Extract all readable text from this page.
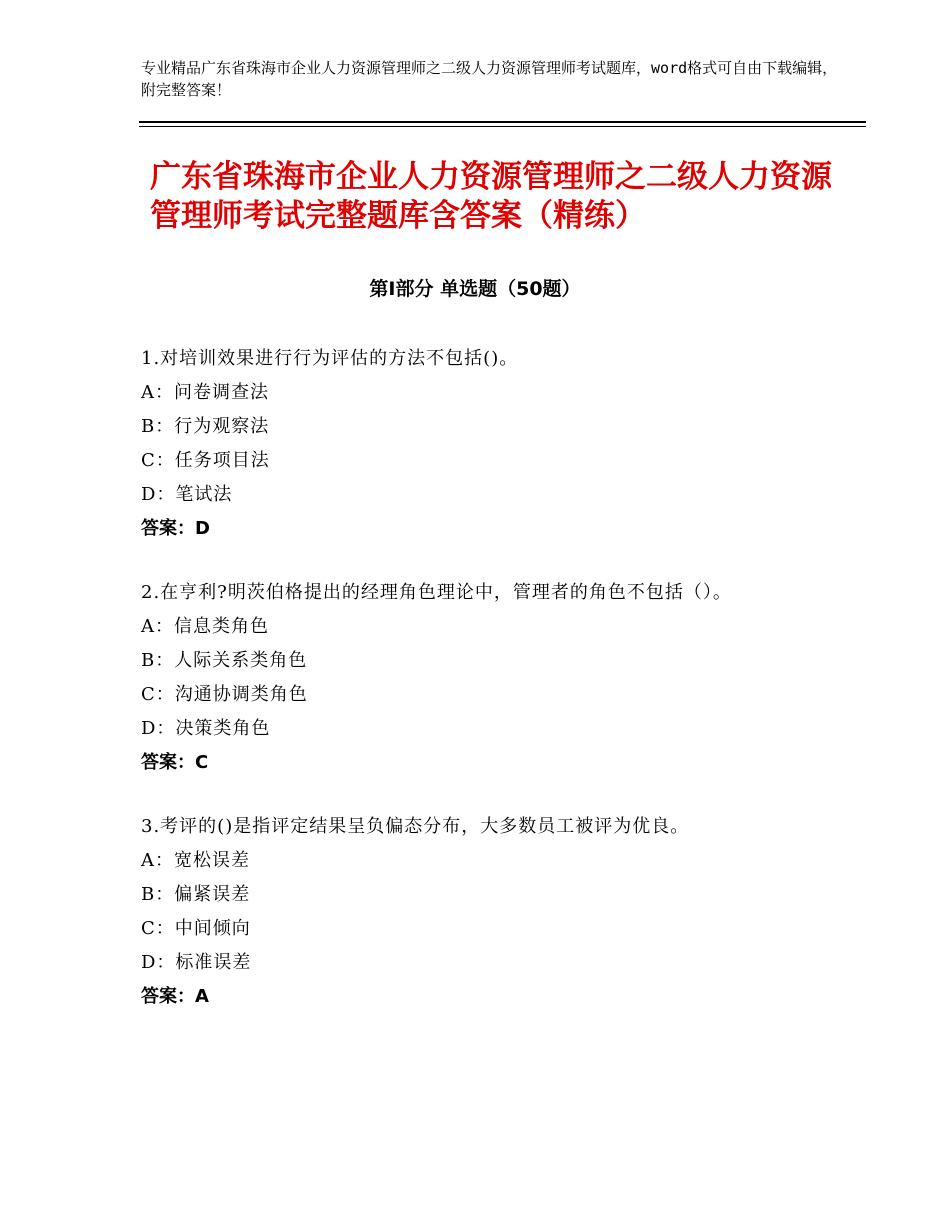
专业精品广东省珠海市企业人力资源管理师之二级人力资源管理师考试题库，word格式可自由下载编辑，附完整答案！
广东省珠海市企业人力资源管理师之二级人力资源管理师考试完整题库含答案（精练）
第Ⅰ部分 单选题（50题）
1.对培训效果进行行为评估的方法不包括()。
A：问卷调查法
B：行为观察法
C：任务项目法
D：笔试法
答案：D
2.在亨利?明茨伯格提出的经理角色理论中，管理者的角色不包括（）。
A：信息类角色
B：人际关系类角色
C：沟通协调类角色
D：决策类角色
答案：C
3.考评的()是指评定结果呈负偏态分布，大多数员工被评为优良。
A：宽松误差
B：偏紧误差
C：中间倾向
D：标准误差
答案：A
